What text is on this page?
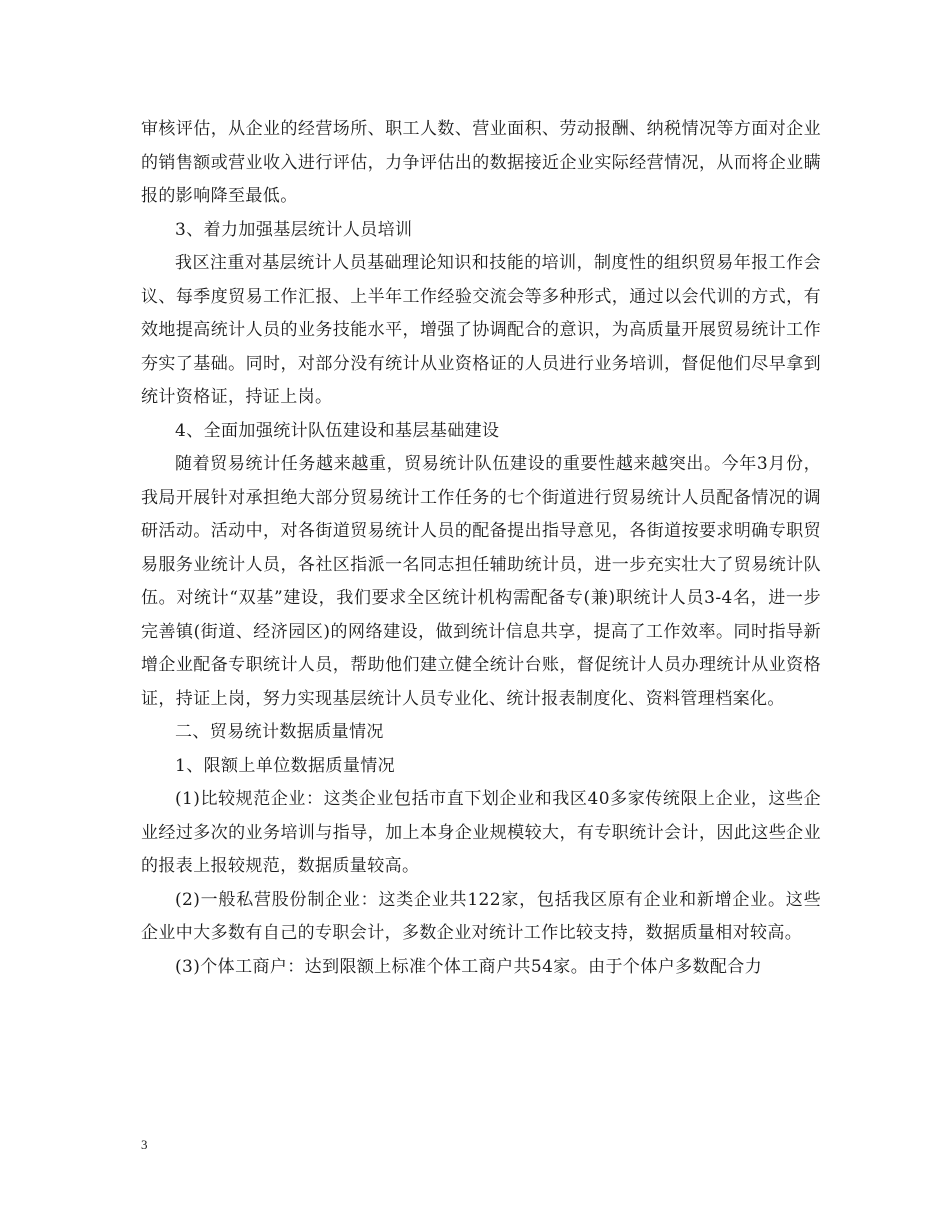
审核评估，从企业的经营场所、职工人数、营业面积、劳动报酬、纳税情况等方面对企业的销售额或营业收入进行评估，力争评估出的数据接近企业实际经营情况，从而将企业瞒报的影响降至最低。

3、着力加强基层统计人员培训

我区注重对基层统计人员基础理论知识和技能的培训，制度性的组织贸易年报工作会议、每季度贸易工作汇报、上半年工作经验交流会等多种形式，通过以会代训的方式，有效地提高统计人员的业务技能水平，增强了协调配合的意识，为高质量开展贸易统计工作夯实了基础。同时，对部分没有统计从业资格证的人员进行业务培训，督促他们尽早拿到统计资格证，持证上岗。

4、全面加强统计队伍建设和基层基础建设

随着贸易统计任务越来越重，贸易统计队伍建设的重要性越来越突出。今年3月份，我局开展针对承担绝大部分贸易统计工作任务的七个街道进行贸易统计人员配备情况的调研活动。活动中，对各街道贸易统计人员的配备提出指导意见，各街道按要求明确专职贸易服务业统计人员，各社区指派一名同志担任辅助统计员，进一步充实壮大了贸易统计队伍。对统计“双基”建设，我们要求全区统计机构需配备专(兼)职统计人员3-4名，进一步完善镇(街道、经济园区)的网络建设，做到统计信息共享，提高了工作效率。同时指导新增企业配备专职统计人员，帮助他们建立健全统计台账，督促统计人员办理统计从业资格证，持证上岗，努力实现基层统计人员专业化、统计报表制度化、资料管理档案化。

二、贸易统计数据质量情况

1、限额上单位数据质量情况

(1)比较规范企业：这类企业包括市直下划企业和我区40多家传统限上企业，这些企业经过多次的业务培训与指导，加上本身企业规模较大，有专职统计会计，因此这些企业的报表上报较规范，数据质量较高。

(2)一般私营股份制企业：这类企业共122家，包括我区原有企业和新增企业。这些企业中大多数有自己的专职会计，多数企业对统计工作比较支持，数据质量相对较高。

(3)个体工商户：达到限额上标准个体工商户共54家。由于个体户多数配合力

3
